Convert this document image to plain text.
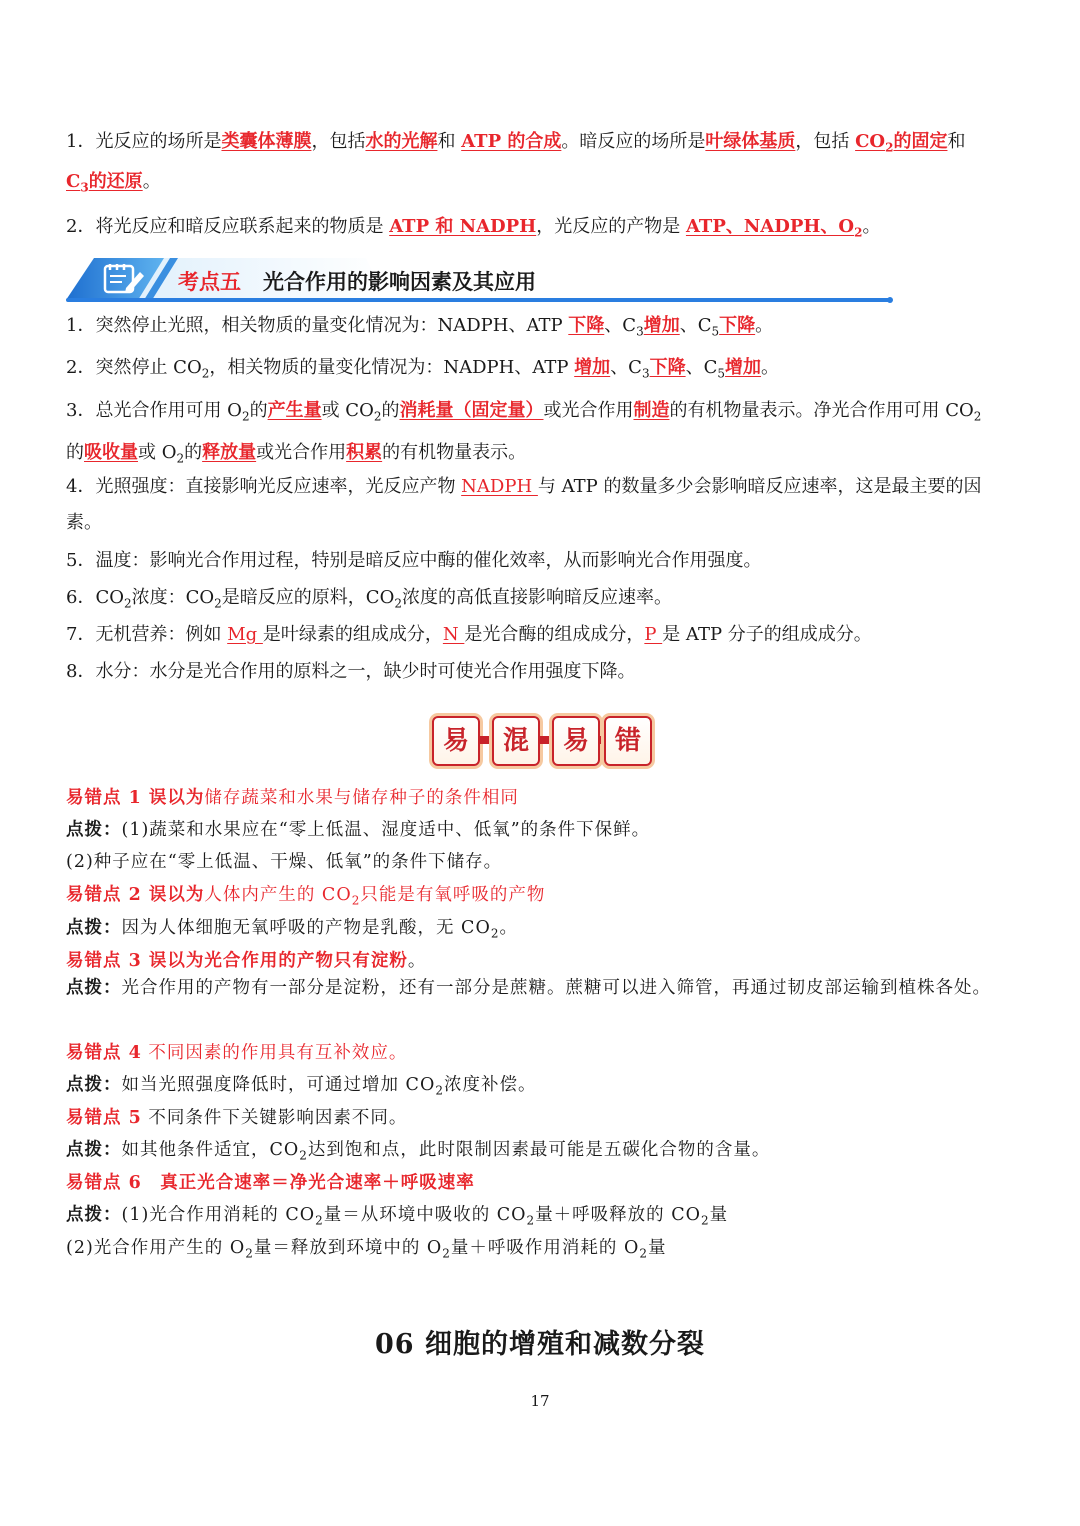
1．光反应的场所是类囊体薄膜，包括水的光解和 ATP 的合成。暗反应的场所是叶绿体基质，包括 $CO_2$的固定和
$C_3$的还原。
2．将光反应和暗反应联系起来的物质是 ATP 和 NADPH，光反应的产物是 ATP、NADPH、$O_2$。
考点五 光合作用的影响因素及其应用
1．突然停止光照，相关物质的量变化情况为：NADPH、ATP 下降、$C_3$增加、$C_5$下降。
2．突然停止 $CO_2$，相关物质的量变化情况为：NADPH、ATP 增加、$C_3$下降、$C_5$增加。
3．总光合作用可用 $O_2$的产生量或 $CO_2$的消耗量（固定量）或光合作用制造的有机物量表示。净光合作用可用 $CO_2$
的吸收量或 $O_2$的释放量或光合作用积累的有机物量表示。
4．光照强度：直接影响光反应速率，光反应产物 NADPH 与 ATP 的数量多少会影响暗反应速率，这是最主要的因素。
5．温度：影响光合作用过程，特别是暗反应中酶的催化效率，从而影响光合作用强度。
6．$CO_2$浓度：$CO_2$是暗反应的原料，$CO_2$浓度的高低直接影响暗反应速率。
7．无机营养：例如 Mg 是叶绿素的组成成分，N 是光合酶的组成成分，P 是 ATP 分子的组成成分。
8．水分：水分是光合作用的原料之一，缺少时可使光合作用强度下降。
易	混	易 错
易错点 1 误以为储存蔬菜和水果与储存种子的条件相同
点拨：(1)蔬菜和水果应在“零上低温、湿度适中、低氧”的条件下保鲜。
(2)种子应在“零上低温、干燥、低氧”的条件下储存。
易错点 2 误以为人体内产生的 $CO_2$只能是有氧呼吸的产物
点拨：因为人体细胞无氧呼吸的产物是乳酸，无 $CO_2$。
易错点 3 误以为光合作用的产物只有淀粉。
点拨：光合作用的产物有一部分是淀粉，还有一部分是蔗糖。蔗糖可以进入筛管，再通过韧皮部运输到植株各处。
易错点 4 不同因素的作用具有互补效应。
点拨：如当光照强度降低时，可通过增加 $CO_2$浓度补偿。
易错点 5 不同条件下关键影响因素不同。
点拨：如其他条件适宜，$CO_2$达到饱和点，此时限制因素最可能是五碳化合物的含量。
易错点 6　真正光合速率＝净光合速率＋呼吸速率
点拨：(1)光合作用消耗的 $CO_2$量＝从环境中吸收的 $CO_2$量＋呼吸释放的 $CO_2$量
(2)光合作用产生的 $O_2$量＝释放到环境中的 $O_2$量＋呼吸作用消耗的 $O_2$量
06 细胞的增殖和减数分裂
17
